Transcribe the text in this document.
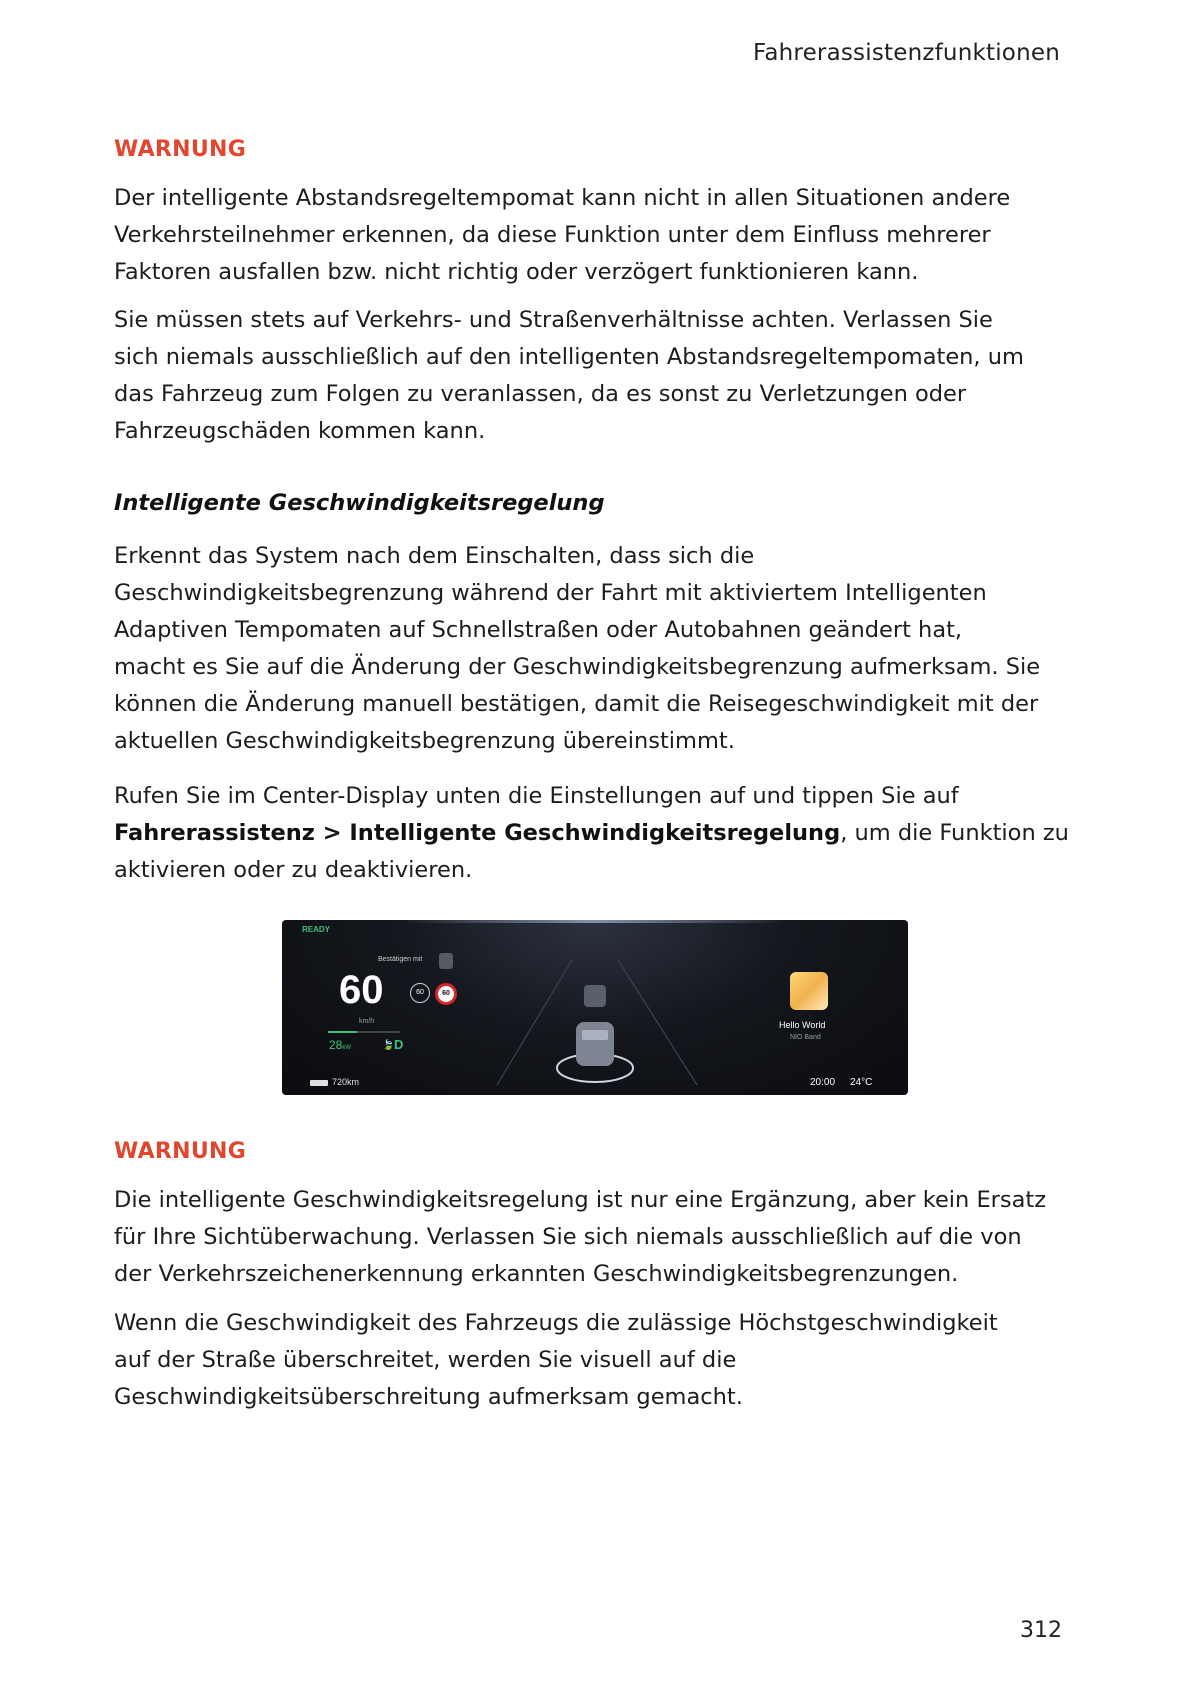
Fahrerassistenzfunktionen
WARNUNG

Der intelligente Abstandsregeltempomat kann nicht in allen Situationen andere

Verkehrsteilnehmer erkennen, da diese Funktion unter dem Einfluss mehrerer

Faktoren ausfallen bzw. nicht richtig oder verzögert funktionieren kann.

Sie müssen stets auf Verkehrs- und Straßenverhältnisse achten. Verlassen Sie

sich niemals ausschließlich auf den intelligenten Abstandsregeltempomaten, um

das Fahrzeug zum Folgen zu veranlassen, da es sonst zu Verletzungen oder

Fahrzeugschäden kommen kann.

Intelligente Geschwindigkeitsregelung

Erkennt das System nach dem Einschalten, dass sich die

Geschwindigkeitsbegrenzung während der Fahrt mit aktiviertem Intelligenten

Adaptiven Tempomaten auf Schnellstraßen oder Autobahnen geändert hat,

macht es Sie auf die Änderung der Geschwindigkeitsbegrenzung aufmerksam. Sie

können die Änderung manuell bestätigen, damit die Reisegeschwindigkeit mit der

aktuellen Geschwindigkeitsbegrenzung übereinstimmt.

Rufen Sie im Center-Display unten die Einstellungen auf und tippen Sie auf

Fahrerassistenz > Intelligente Geschwindigkeitsregelung, um die Funktion zu

aktivieren oder zu deaktivieren.

READY
Bestätigen mit
60
km/h
60	60
28kW	🍃 D
720km
Hello World
NIO Band
20:00 24°C
WARNUNG

Die intelligente Geschwindigkeitsregelung ist nur eine Ergänzung, aber kein Ersatz

für Ihre Sichtüberwachung. Verlassen Sie sich niemals ausschließlich auf die von

der Verkehrszeichenerkennung erkannten Geschwindigkeitsbegrenzungen.

Wenn die Geschwindigkeit des Fahrzeugs die zulässige Höchstgeschwindigkeit

auf der Straße überschreitet, werden Sie visuell auf die

Geschwindigkeitsüberschreitung aufmerksam gemacht.

312
